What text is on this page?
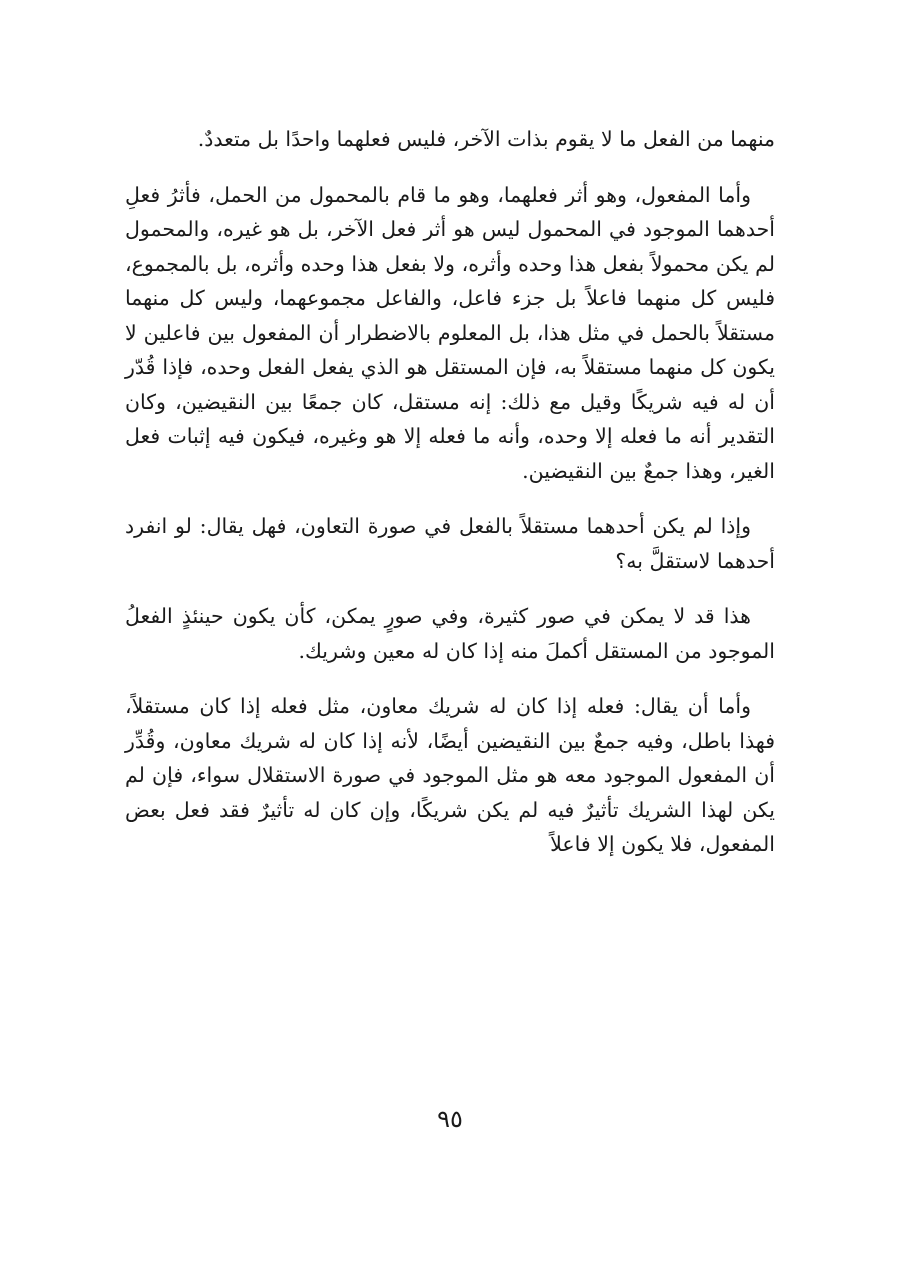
منهما من الفعل ما لا يقوم بذات الآخر، فليس فعلهما واحدًا بل متعددٌ.

وأما المفعول، وهو أثر فعلهما، وهو ما قام بالمحمول من الحمل، فأثرُ فعلِ أحدهما الموجود في المحمول ليس هو أثر فعل الآخر، بل هو غيره، والمحمول لم يكن محمولاً بفعل هذا وحده وأثره، ولا بفعل هذا وحده وأثره، بل بالمجموع، فليس كل منهما فاعلاً بل جزء فاعل، والفاعل مجموعهما، وليس كل منهما مستقلاً بالحمل في مثل هذا، بل المعلوم بالاضطرار أن المفعول بين فاعلين لا يكون كل منهما مستقلاً به، فإن المستقل هو الذي يفعل الفعل وحده، فإذا قُدّر أن له فيه شريكًا وقيل مع ذلك: إنه مستقل، كان جمعًا بين النقيضين، وكان التقدير أنه ما فعله إلا وحده، وأنه ما فعله إلا هو وغيره، فيكون فيه إثبات فعل الغير، وهذا جمعٌ بين النقيضين.

وإذا لم يكن أحدهما مستقلاً بالفعل في صورة التعاون، فهل يقال: لو انفرد أحدهما لاستقلَّ به؟

هذا قد لا يمكن في صور كثيرة، وفي صورٍ يمكن، كأن يكون حينئذٍ الفعلُ الموجود من المستقل أكملَ منه إذا كان له معين وشريك.

وأما أن يقال: فعله إذا كان له شريك معاون، مثل فعله إذا كان مستقلاً، فهذا باطل، وفيه جمعٌ بين النقيضين أيضًا، لأنه إذا كان له شريك معاون، وقُدِّر أن المفعول الموجود معه هو مثل الموجود في صورة الاستقلال سواء، فإن لم يكن لهذا الشريك تأثيرٌ فيه لم يكن شريكًا، وإن كان له تأثيرٌ فقد فعل بعض المفعول، فلا يكون إلا فاعلاً

٩٥
